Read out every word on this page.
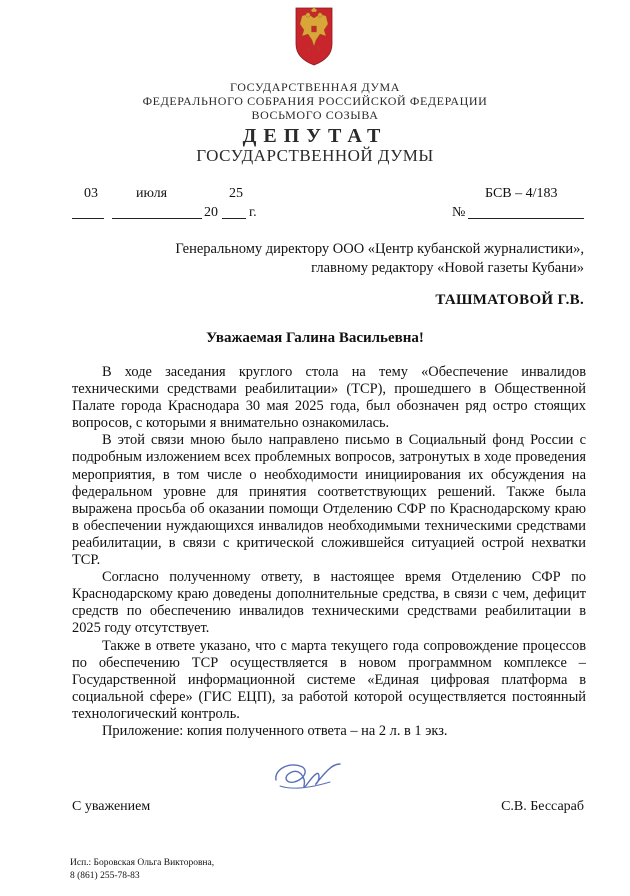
ГОСУДАРСТВЕННАЯ ДУМА
ФЕДЕРАЛЬНОГО СОБРАНИЯ РОССИЙСКОЙ ФЕДЕРАЦИИ
ВОСЬМОГО СОЗЫВА
ДЕПУТАТ
ГОСУДАРСТВЕННОЙ ДУМЫ
03	июля	25	БСВ – 4/183
20 г.	№
Генеральному директору ООО «Центр кубанской журналистики»,
главному редактору «Новой газеты Кубани»
ТАШМАТОВОЙ Г.В.
Уважаемая Галина Васильевна!

В ходе заседания круглого стола на тему «Обеспечение инвалидов техническими средствами реабилитации» (ТСР), прошедшего в Общественной Палате города Краснодара 30 мая 2025 года, был обозначен ряд остро стоящих вопросов, с которыми я внимательно ознакомилась.

В этой связи мною было направлено письмо в Социальный фонд России с подробным изложением всех проблемных вопросов, затронутых в ходе проведения мероприятия, в том числе о необходимости инициирования их обсуждения на федеральном уровне для принятия соответствующих решений. Также была выражена просьба об оказании помощи Отделению СФР по Краснодарскому краю в обеспечении нуждающихся инвалидов необходимыми техническими средствами реабилитации, в связи с критической сложившейся ситуацией острой нехватки ТСР.

Согласно полученному ответу, в настоящее время Отделению СФР по Краснодарскому краю доведены дополнительные средства, в связи с чем, дефицит средств по обеспечению инвалидов техническими средствами реабилитации в 2025 году отсутствует.

Также в ответе указано, что с марта текущего года сопровождение процессов по обеспечению ТСР осуществляется в новом программном комплексе – Государственной информационной системе «Единая цифровая платформа в социальной сфере» (ГИС ЕЦП), за работой которой осуществляется постоянный технологический контроль.

Приложение: копия полученного ответа – на 2 л. в 1 экз.

С уважением	С.В. Бессараб
Исп.: Боровская Ольга Викторовна,
8 (861) 255-78-83
